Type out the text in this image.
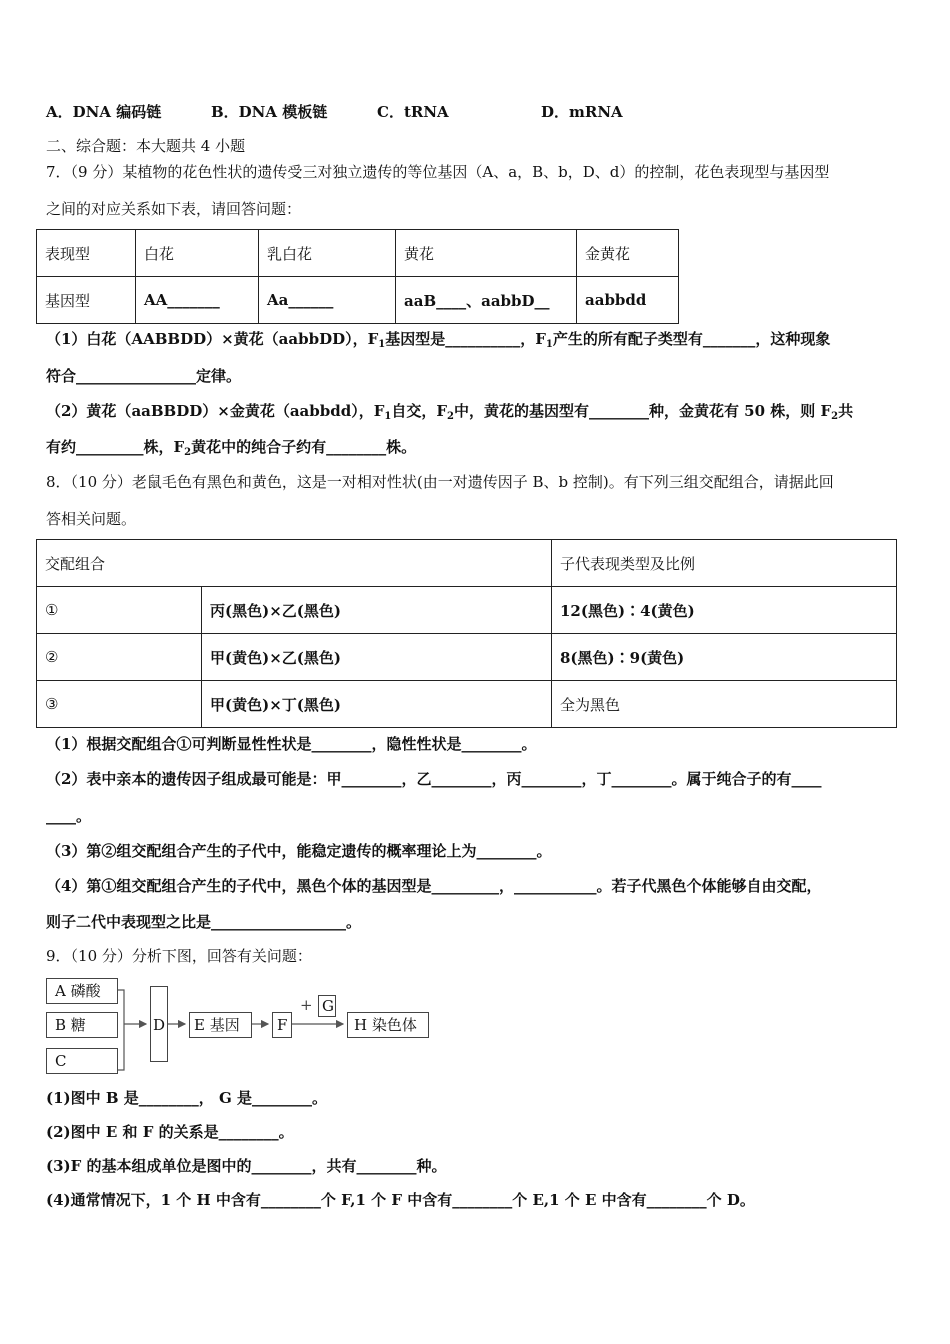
A．DNA 编码链	B．DNA 模板链	C．tRNA	D．mRNA
二、综合题：本大题共 4 小题
7．（9 分）某植物的花色性状的遗传受三对独立遗传的等位基因（A、a，B、b，D、d）的控制，花色表现型与基因型
之间的对应关系如下表，请回答问题：
表现型	白花	乳白花	黄花	金黄花
基因型	AA_______	Aa______	aaB____、aabbD__	aabbdd
（1）白花（AABBDD）×黄花（aabbDD），$F_1$基因型是__________，$F_1$产生的所有配子类型有_______，这种现象
符合________________定律。
（2）黄花（aaBBDD）×金黄花（aabbdd），$F_1$自交，$F_2$中，黄花的基因型有________种，金黄花有 50 株，则 $F_2$共
有约_________株，$F_2$黄花中的纯合子约有________株。
8．（10 分）老鼠毛色有黑色和黄色，这是一对相对性状(由一对遗传因子 B、b 控制)。有下列三组交配组合，请据此回
答相关问题。
交配组合		子代表现类型及比例
①	丙(黑色)×乙(黑色)	12(黑色)∶4(黄色)
②	甲(黄色)×乙(黑色)	8(黑色)∶9(黄色)
③	甲(黄色)×丁(黑色)	全为黑色
（1）根据交配组合①可判断显性性状是________，隐性性状是________。
（2）表中亲本的遗传因子组成最可能是：甲________，乙________，丙________，丁________。属于纯合子的有____
____。
（3）第②组交配组合产生的子代中，能稳定遗传的概率理论上为________。
（4）第①组交配组合产生的子代中，黑色个体的基因型是_________，___________。若子代黑色个体能够自由交配，
则子二代中表现型之比是__________________。
9．（10 分）分析下图，回答有关问题：
A 磷酸
B 糖
C
D	E 基因	F
+ G
H 染色体
(1)图中 B 是________， G 是________。
(2)图中 E 和 F 的关系是________。
(3)F 的基本组成单位是图中的________，共有________种。
(4)通常情况下，1 个 H 中含有________个 F,1 个 F 中含有________个 E,1 个 E 中含有________个 D。
